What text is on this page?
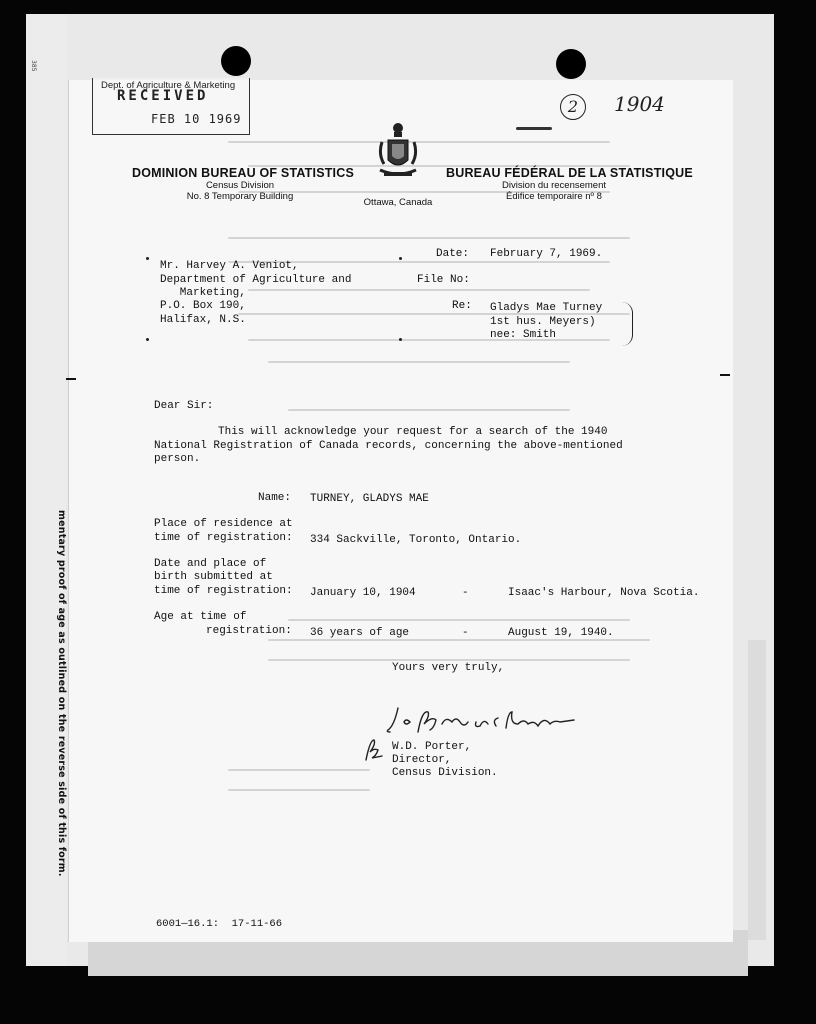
385
mentary proof of age as outlined on the reverse side of this form.
Dept. of Agriculture & Marketing
RECEIVED
FEB 10 1969
2	1904
DOMINION BUREAU OF STATISTICS
Census Division
No. 8 Temporary Building
Ottawa, Canada
BUREAU FÉDÉRAL DE LA STATISTIQUE
Division du recensement
Édifice temporaire nº 8
Mr. Harvey A. Veniot,
Department of Agriculture and
Marketing,
P.O. Box 190,
Halifax, N.S.
Date: February 7, 1969.
File No:
Re: Gladys Mae Turney
1st hus. Meyers)
nee: Smith
Dear Sir:
This will acknowledge your request for a search of the 1940
National Registration of Canada records, concerning the above-mentioned
person.
Name: TURNEY, GLADYS MAE
Place of residence at
time of registration: 334 Sackville, Toronto, Ontario.
Date and place of
birth submitted at
time of registration: January 10, 1904	-	Isaac's Harbour, Nova Scotia.
Age at time of
registration: 36 years of age	-	August 19, 1940.
Yours very truly,
W.D. Porter,
Director,
Census Division.
6001—16.1:  17-11-66
